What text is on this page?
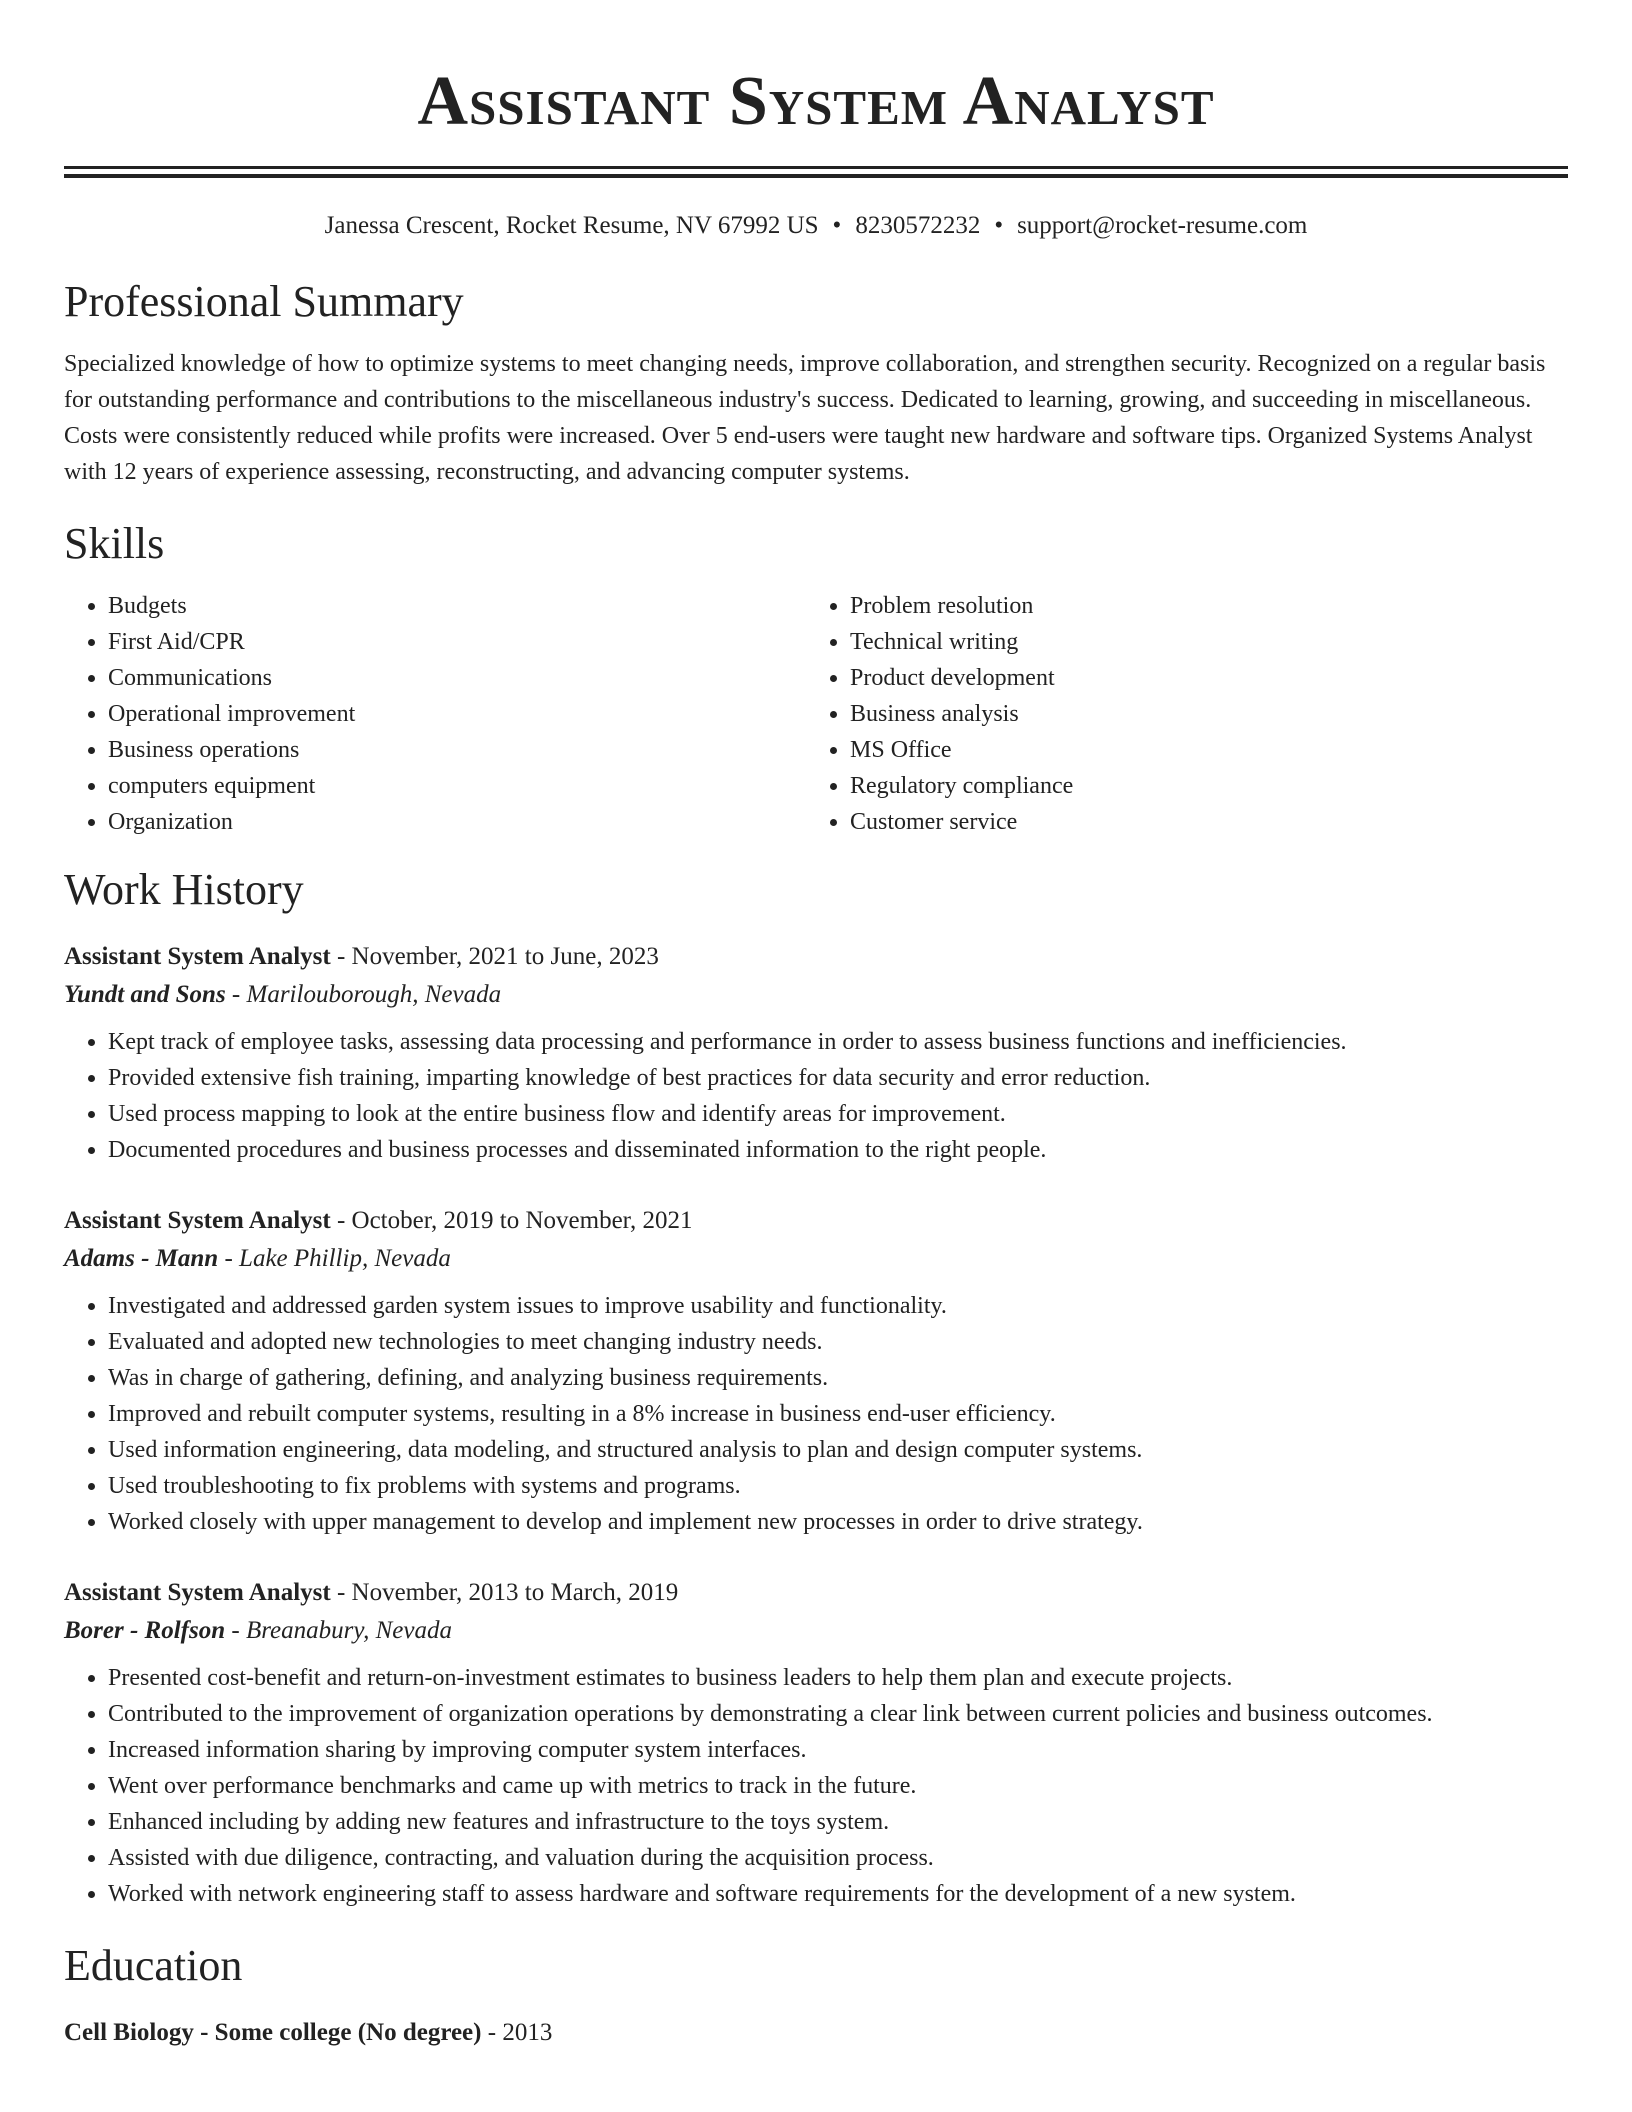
Assistant System Analyst
Janessa Crescent, Rocket Resume, NV 67992 US • 8230572232 • support@rocket-resume.com
Professional Summary
Specialized knowledge of how to optimize systems to meet changing needs, improve collaboration, and strengthen security. Recognized on a regular basis for outstanding performance and contributions to the miscellaneous industry's success. Dedicated to learning, growing, and succeeding in miscellaneous. Costs were consistently reduced while profits were increased. Over 5 end-users were taught new hardware and software tips. Organized Systems Analyst with 12 years of experience assessing, reconstructing, and advancing computer systems.
Skills
• Budgets
• First Aid/CPR
• Communications
• Operational improvement
• Business operations
• computers equipment
• Organization
• Problem resolution
• Technical writing
• Product development
• Business analysis
• MS Office
• Regulatory compliance
• Customer service
Work History
Assistant System Analyst - November, 2021 to June, 2023
Yundt and Sons - Marilouborough, Nevada
• Kept track of employee tasks, assessing data processing and performance in order to assess business functions and inefficiencies.
• Provided extensive fish training, imparting knowledge of best practices for data security and error reduction.
• Used process mapping to look at the entire business flow and identify areas for improvement.
• Documented procedures and business processes and disseminated information to the right people.
Assistant System Analyst - October, 2019 to November, 2021
Adams - Mann - Lake Phillip, Nevada
• Investigated and addressed garden system issues to improve usability and functionality.
• Evaluated and adopted new technologies to meet changing industry needs.
• Was in charge of gathering, defining, and analyzing business requirements.
• Improved and rebuilt computer systems, resulting in a 8% increase in business end-user efficiency.
• Used information engineering, data modeling, and structured analysis to plan and design computer systems.
• Used troubleshooting to fix problems with systems and programs.
• Worked closely with upper management to develop and implement new processes in order to drive strategy.
Assistant System Analyst - November, 2013 to March, 2019
Borer - Rolfson - Breanabury, Nevada
• Presented cost-benefit and return-on-investment estimates to business leaders to help them plan and execute projects.
• Contributed to the improvement of organization operations by demonstrating a clear link between current policies and business outcomes.
• Increased information sharing by improving computer system interfaces.
• Went over performance benchmarks and came up with metrics to track in the future.
• Enhanced including by adding new features and infrastructure to the toys system.
• Assisted with due diligence, contracting, and valuation during the acquisition process.
• Worked with network engineering staff to assess hardware and software requirements for the development of a new system.
Education
Cell Biology - Some college (No degree) - 2013
